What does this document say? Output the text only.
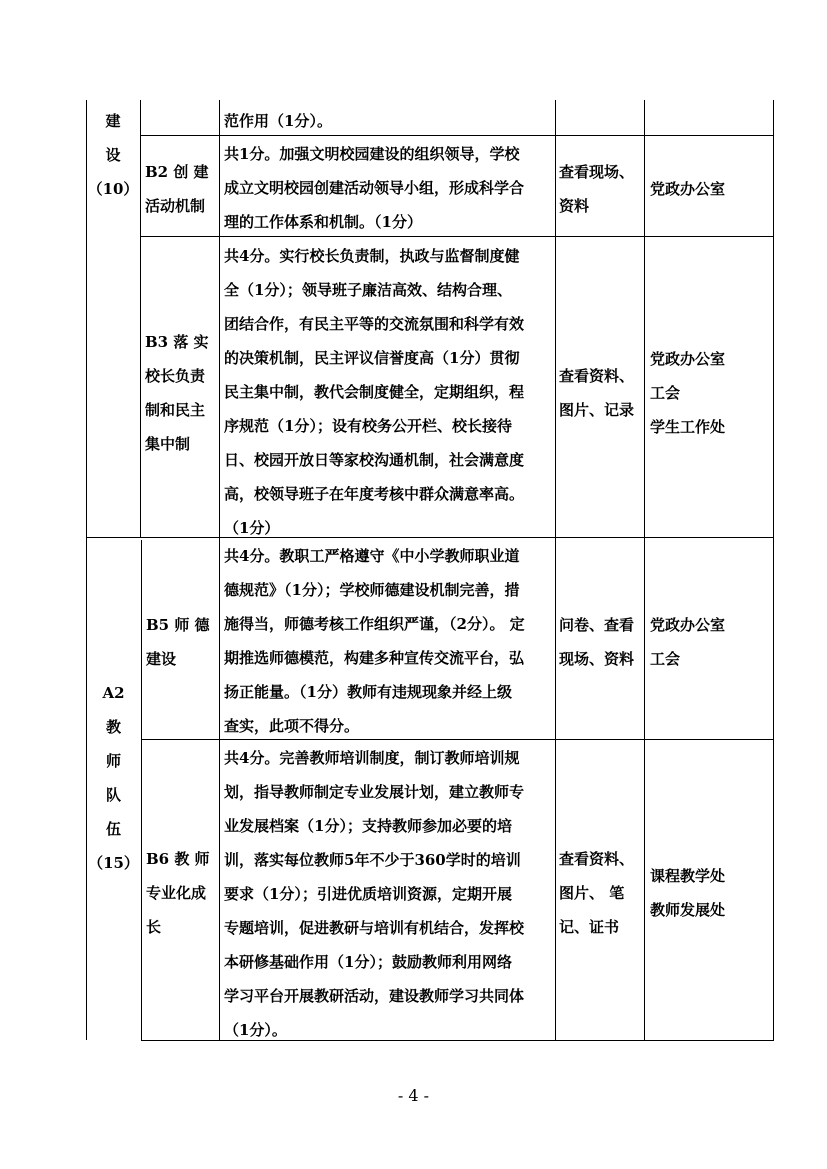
建
设
（10）
A2
教
师
队
伍
（15）
范作用（1分）。
B2 创 建
活动机制
共1分。加强文明校园建设的组织领导，学校
成立文明校园创建活动领导小组，形成科学合
理的工作体系和机制。（1分）
查看现场、
资料
党政办公室
B3 落 实
校长负责
制和民主
集中制
共4分。实行校长负责制，执政与监督制度健
全（1分）；领导班子廉洁高效、结构合理、
团结合作，有民主平等的交流氛围和科学有效
的决策机制，民主评议信誉度高（1分）贯彻
民主集中制，教代会制度健全，定期组织，程
序规范（1分）；设有校务公开栏、校长接待
日、校园开放日等家校沟通机制，社会满意度
高，校领导班子在年度考核中群众满意率高。
（1分）
查看资料、
图片、记录
党政办公室
工会
学生工作处
B5 师 德
建设
共4分。教职工严格遵守《中小学教师职业道
德规范》（1分）；学校师德建设机制完善，措
施得当，师德考核工作组织严谨，（2分）。 定
期推选师德模范，构建多种宣传交流平台，弘
扬正能量。（1分）教师有违规现象并经上级
查实，此项不得分。
问卷、查看
现场、资料
党政办公室
工会
B6 教 师
专业化成
长
共4分。完善教师培训制度，制订教师培训规
划，指导教师制定专业发展计划，建立教师专
业发展档案（1分）；支持教师参加必要的培
训，落实每位教师5年不少于360学时的培训
要求（1分）；引进优质培训资源，定期开展
专题培训，促进教研与培训有机结合，发挥校
本研修基础作用（1分）；鼓励教师利用网络
学习平台开展教研活动，建设教师学习共同体
（1分）。
查看资料、
图片、 笔
记、证书
课程教学处
教师发展处
- 4 -
